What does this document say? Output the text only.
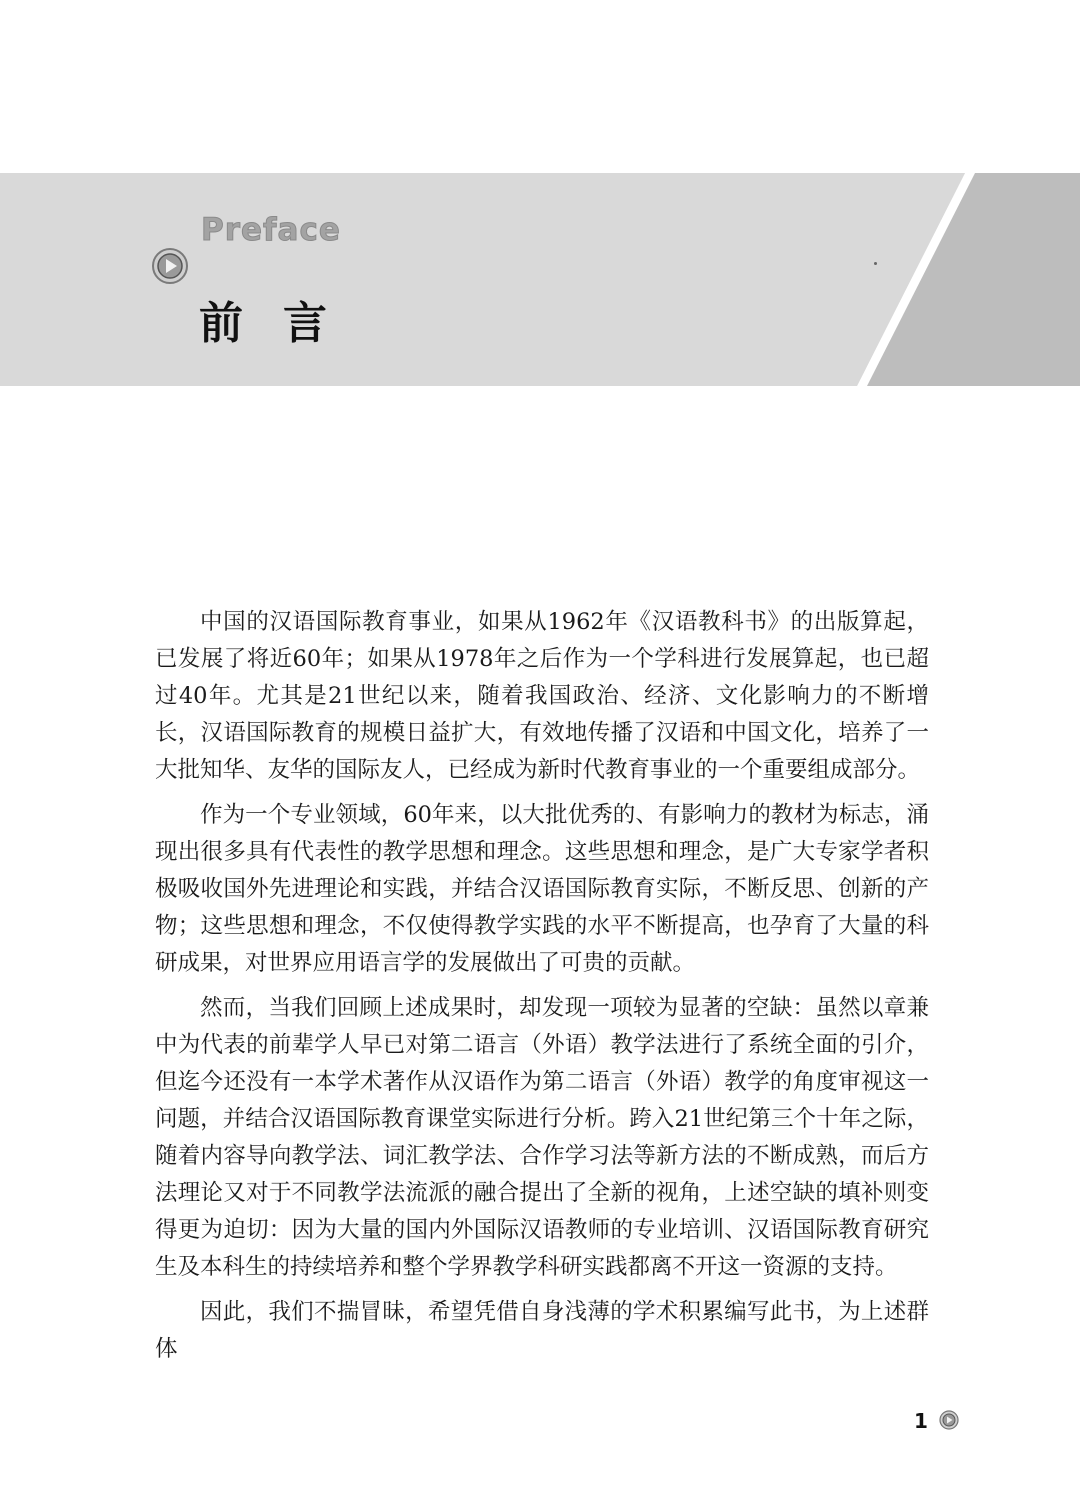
Preface
前言

中国的汉语国际教育事业，如果从1962年《汉语教科书》的出版算起，已发展了将近60年；如果从1978年之后作为一个学科进行发展算起，也已超过40年。尤其是21世纪以来，随着我国政治、经济、文化影响力的不断增长，汉语国际教育的规模日益扩大，有效地传播了汉语和中国文化，培养了一大批知华、友华的国际友人，已经成为新时代教育事业的一个重要组成部分。

作为一个专业领域，60年来，以大批优秀的、有影响力的教材为标志，涌现出很多具有代表性的教学思想和理念。这些思想和理念，是广大专家学者积极吸收国外先进理论和实践，并结合汉语国际教育实际，不断反思、创新的产物；这些思想和理念，不仅使得教学实践的水平不断提高，也孕育了大量的科研成果，对世界应用语言学的发展做出了可贵的贡献。

然而，当我们回顾上述成果时，却发现一项较为显著的空缺：虽然以章兼中为代表的前辈学人早已对第二语言（外语）教学法进行了系统全面的引介，但迄今还没有一本学术著作从汉语作为第二语言（外语）教学的角度审视这一问题，并结合汉语国际教育课堂实际进行分析。跨入21世纪第三个十年之际，随着内容导向教学法、词汇教学法、合作学习法等新方法的不断成熟，而后方法理论又对于不同教学法流派的融合提出了全新的视角，上述空缺的填补则变得更为迫切：因为大量的国内外国际汉语教师的专业培训、汉语国际教育研究生及本科生的持续培养和整个学界教学科研实践都离不开这一资源的支持。

因此，我们不揣冒昧，希望凭借自身浅薄的学术积累编写此书，为上述群体

1
